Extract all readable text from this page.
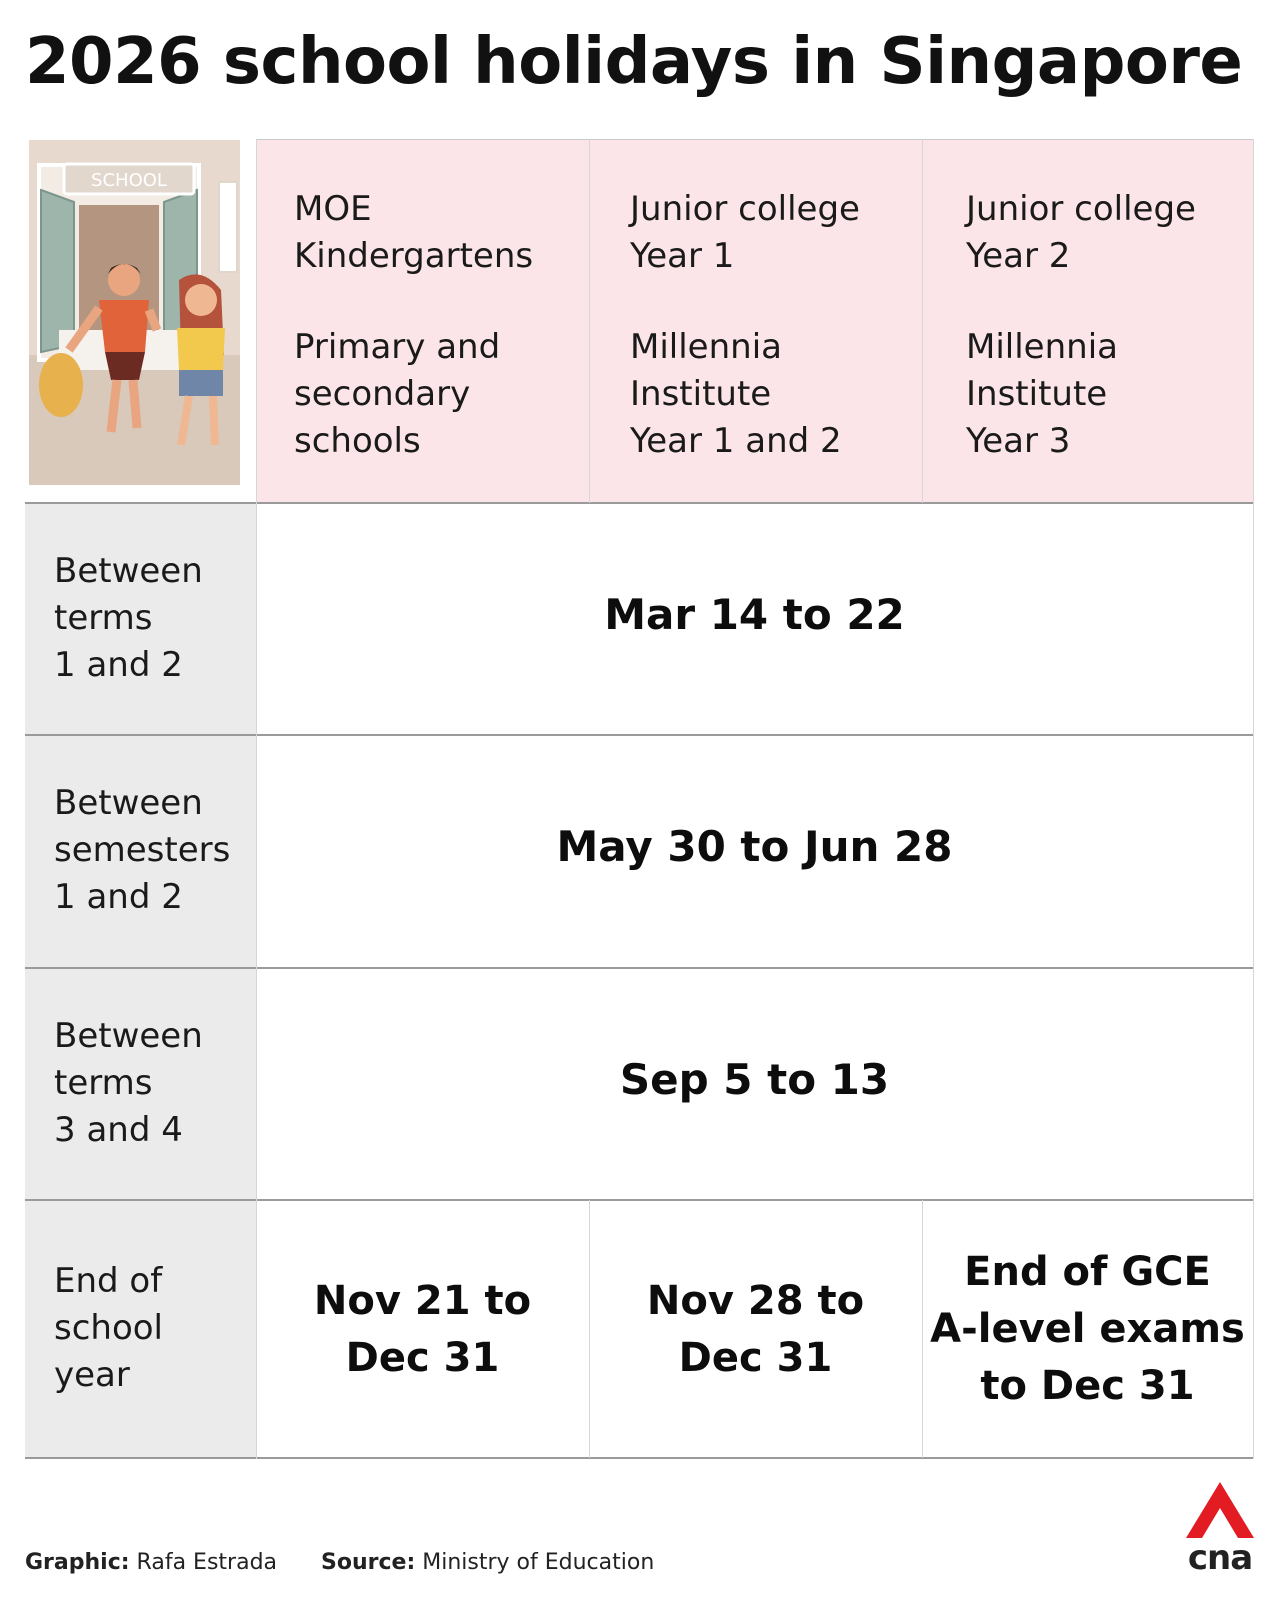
2026 school holidays in Singapore
SCHOOL
MOE
Kindergartens
Primary and
secondary
schools
Junior college
Year 1
Millennia
Institute
Year 1 and 2
Junior college
Year 2
Millennia
Institute
Year 3
Between
terms
1 and 2
Between
semesters
1 and 2
Between
terms
3 and 4
End of
school
year
Mar 14 to 22
May 30 to Jun 28
Sep 5 to 13
Nov 21 to
Dec 31
Nov 28 to
Dec 31
End of GCE
A-level exams
to Dec 31
Graphic: Rafa Estrada Source: Ministry of Education	cna
